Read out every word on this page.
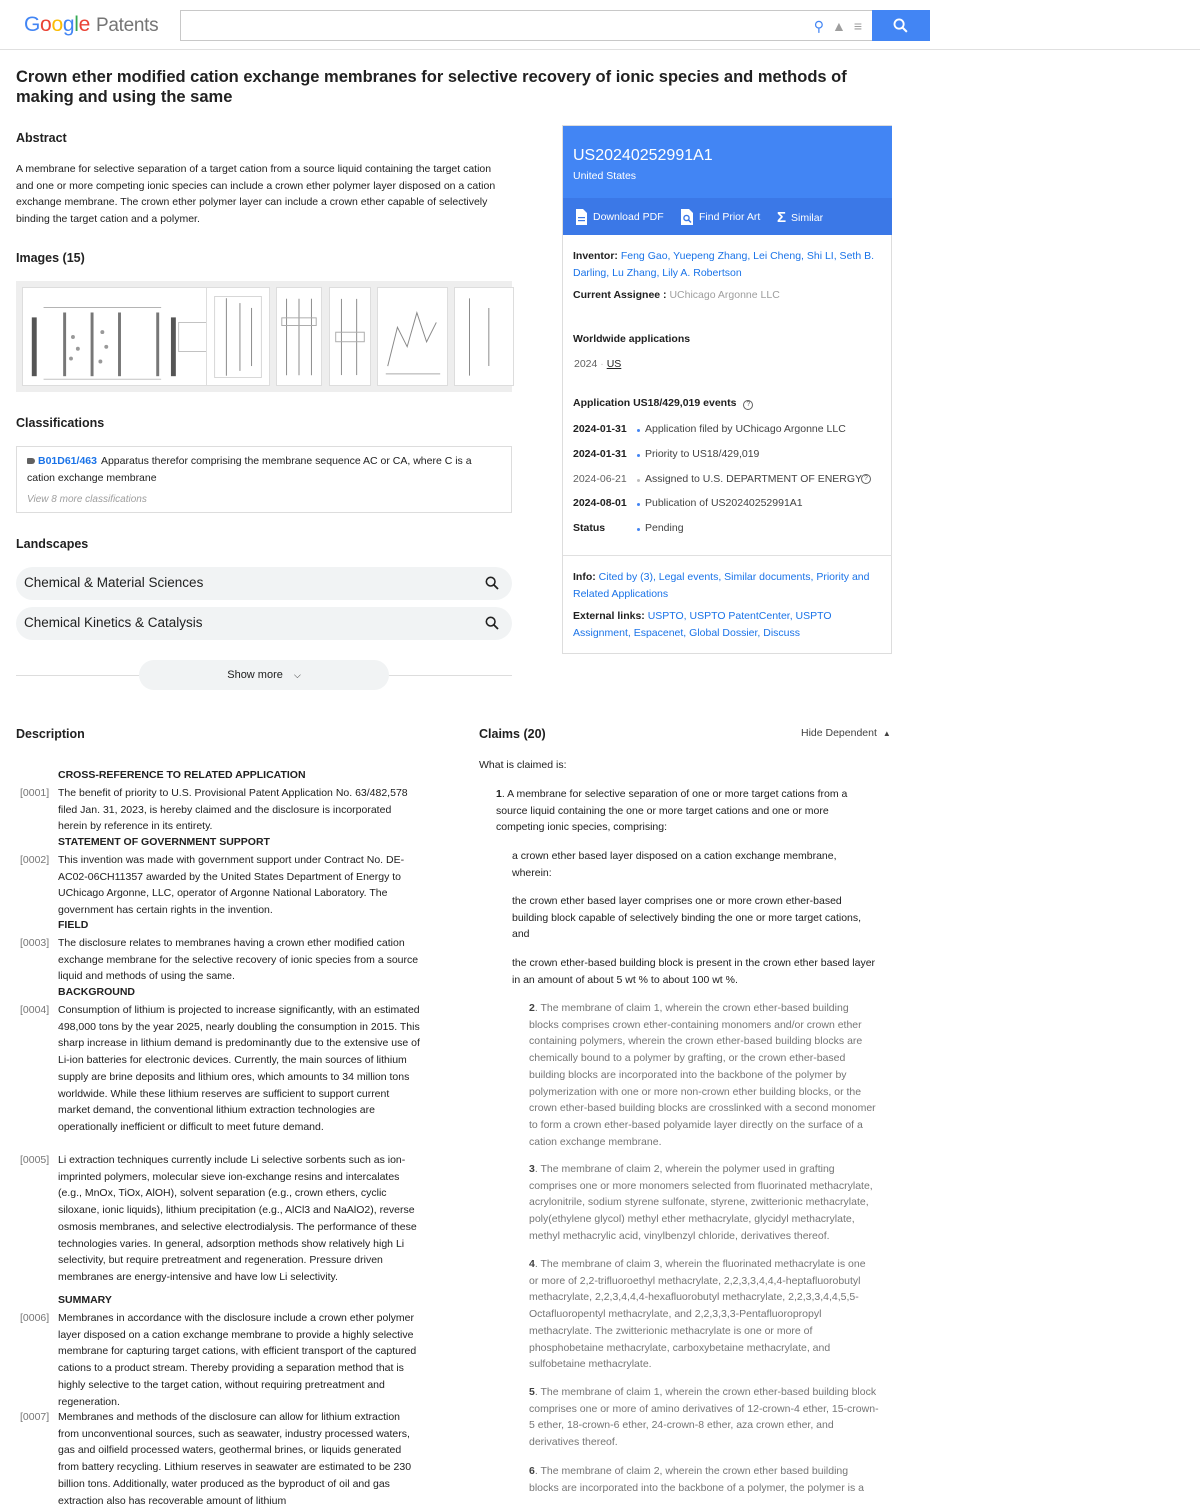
Google Patents	⚲ ▲ ≡
Crown ether modified cation exchange membranes for selective recovery of ionic species and methods of making and using the same
Abstract

A membrane for selective separation of a target cation from a source liquid containing the target cation and one or more competing ionic species can include a crown ether polymer layer disposed on a cation exchange membrane. The crown ether polymer layer can include a crown ether capable of selectively binding the target cation and a polymer.

Images (15)
Classifications
B01D61/463 Apparatus therefor comprising the membrane sequence AC or CA, where C is a cation exchange membrane
View 8 more classifications
Landscapes
Chemical & Material Sciences
Chemical Kinetics & Catalysis
Show more ⌵
US20240252991A1
United States
Download PDF	Find Prior Art Σ Similar
Inventor: Feng Gao, Yuepeng Zhang, Lei Cheng, Shi LI, Seth B. Darling, Lu Zhang, Lily A. Robertson
Current Assignee : UChicago Argonne LLC
Worldwide applications
2024 · US
Application US18/429,019 events ?
2024-01-31 Application filed by UChicago Argonne LLC
2024-01-31 Priority to US18/429,019
2024-06-21 Assigned to U.S. DEPARTMENT OF ENERGY ?
2024-08-01 Publication of US20240252991A1
Status	Pending
Info: Cited by (3), Legal events, Similar documents, Priority and Related Applications
External links: USPTO, USPTO PatentCenter, USPTO Assignment, Espacenet, Global Dossier, Discuss
Description
CROSS-REFERENCE TO RELATED APPLICATION
[0001] The benefit of priority to U.S. Provisional Patent Application No. 63/482,578 filed Jan. 31, 2023, is hereby claimed and the disclosure is incorporated herein by reference in its entirety.
STATEMENT OF GOVERNMENT SUPPORT
[0002] This invention was made with government support under Contract No. DE-AC02-06CH11357 awarded by the United States Department of Energy to UChicago Argonne, LLC, operator of Argonne National Laboratory. The government has certain rights in the invention.
FIELD
[0003] The disclosure relates to membranes having a crown ether modified cation exchange membrane for the selective recovery of ionic species from a source liquid and methods of using the same.
BACKGROUND
[0004] Consumption of lithium is projected to increase significantly, with an estimated 498,000 tons by the year 2025, nearly doubling the consumption in 2015. This sharp increase in lithium demand is predominantly due to the extensive use of Li-ion batteries for electronic devices. Currently, the main sources of lithium supply are brine deposits and lithium ores, which amounts to 34 million tons worldwide. While these lithium reserves are sufficient to support current market demand, the conventional lithium extraction technologies are operationally inefficient or difficult to meet future demand.
[0005] Li extraction techniques currently include Li selective sorbents such as ion-imprinted polymers, molecular sieve ion-exchange resins and intercalates (e.g., MnOx, TiOx, AlOH), solvent separation (e.g., crown ethers, cyclic siloxane, ionic liquids), lithium precipitation (e.g., AlCl3 and NaAlO2), reverse osmosis membranes, and selective electrodialysis. The performance of these technologies varies. In general, adsorption methods show relatively high Li selectivity, but require pretreatment and regeneration. Pressure driven membranes are energy-intensive and have low Li selectivity.
SUMMARY
[0006] Membranes in accordance with the disclosure include a crown ether polymer layer disposed on a cation exchange membrane to provide a highly selective membrane for capturing target cations, with efficient transport of the captured cations to a product stream. Thereby providing a separation method that is highly selective to the target cation, without requiring pretreatment and regeneration.
[0007] Membranes and methods of the disclosure can allow for lithium extraction from unconventional sources, such as seawater, industry processed waters, gas and oilfield processed waters, geothermal brines, or liquids generated from battery recycling. Lithium reserves in seawater are estimated to be 230 billion tons. Additionally, water produced as the byproduct of oil and gas extraction also has recoverable amount of lithium
Claims (20)	Hide Dependent ▲
What is claimed is:
1. A membrane for selective separation of one or more target cations from a source liquid containing the one or more target cations and one or more competing ionic species, comprising:
a crown ether based layer disposed on a cation exchange membrane, wherein:
the crown ether based layer comprises one or more crown ether-based building block capable of selectively binding the one or more target cations, and
the crown ether-based building block is present in the crown ether based layer in an amount of about 5 wt % to about 100 wt %.
2. The membrane of claim 1, wherein the crown ether-based building blocks comprises crown ether-containing monomers and/or crown ether containing polymers, wherein the crown ether-based building blocks are chemically bound to a polymer by grafting, or the crown ether-based building blocks are incorporated into the backbone of the polymer by polymerization with one or more non-crown ether building blocks, or the crown ether-based building blocks are crosslinked with a second monomer to form a crown ether-based polyamide layer directly on the surface of a cation exchange membrane.
3. The membrane of claim 2, wherein the polymer used in grafting comprises one or more monomers selected from fluorinated methacrylate, acrylonitrile, sodium styrene sulfonate, styrene, zwitterionic methacrylate, poly(ethylene glycol) methyl ether methacrylate, glycidyl methacrylate, methyl methacrylic acid, vinylbenzyl chloride, derivatives thereof.
4. The membrane of claim 3, wherein the fluorinated methacrylate is one or more of 2,2-trifluoroethyl methacrylate, 2,2,3,3,4,4,4-heptafluorobutyl methacrylate, 2,2,3,4,4,4-hexafluorobutyl methacrylate, 2,2,3,3,4,4,5,5-Octafluoropentyl methacrylate, and 2,2,3,3,3-Pentafluoropropyl methacrylate. The zwitterionic methacrylate is one or more of phosphobetaine methacrylate, carboxybetaine methacrylate, and sulfobetaine methacrylate.
5. The membrane of claim 1, wherein the crown ether-based building block comprises one or more of amino derivatives of 12-crown-4 ether, 15-crown-5 ether, 18-crown-6 ether, 24-crown-8 ether, aza crown ether, and derivatives thereof.
6. The membrane of claim 2, wherein the crown ether based building blocks are incorporated into the backbone of a polymer, the polymer is a
